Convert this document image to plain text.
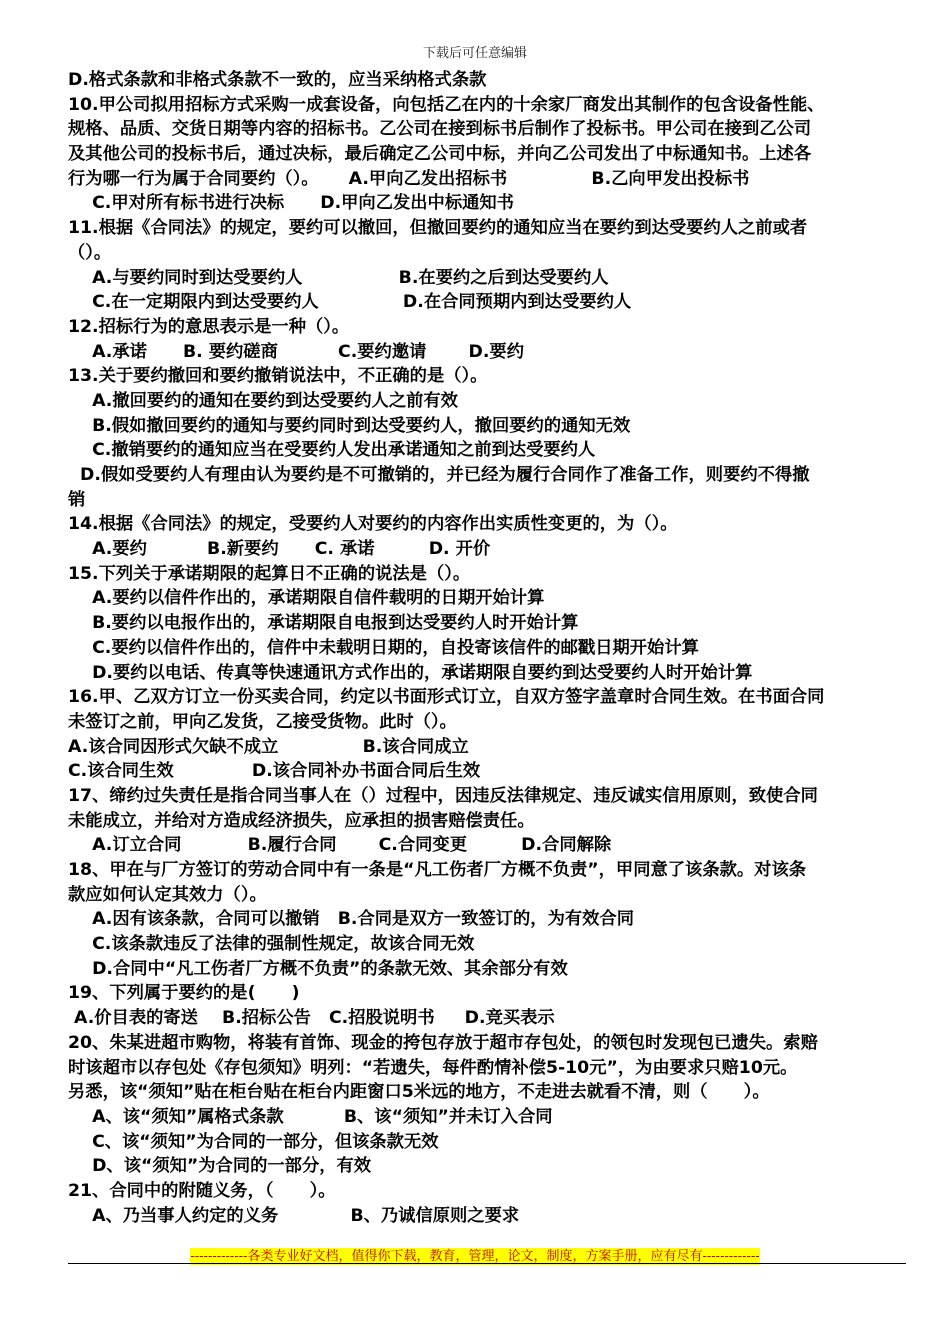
下载后可任意编辑
D.格式条款和非格式条款不一致的，应当采纳格式条款
10.甲公司拟用招标方式采购一成套设备，向包括乙在内的十余家厂商发出其制作的包含设备性能、
规格、品质、交货日期等内容的招标书。乙公司在接到标书后制作了投标书。甲公司在接到乙公司
及其他公司的投标书后，通过决标，最后确定乙公司中标，并向乙公司发出了中标通知书。上述各
行为哪一行为属于合同要约（）。     A.甲向乙发出招标书              B.乙向甲发出投标书
C.甲对所有标书进行决标      D.甲向乙发出中标通知书
11.根据《合同法》的规定，要约可以撤回，但撤回要约的通知应当在要约到达受要约人之前或者
（）。
A.与要约同时到达受要约人                B.在要约之后到达受要约人
C.在一定期限内到达受要约人              D.在合同预期内到达受要约人
12.招标行为的意思表示是一种（）。
A.承诺      B. 要约磋商          C.要约邀请       D.要约
13.关于要约撤回和要约撤销说法中，不正确的是（）。
A.撤回要约的通知在要约到达受要约人之前有效
B.假如撤回要约的通知与要约同时到达受要约人，撤回要约的通知无效
C.撤销要约的通知应当在受要约人发出承诺通知之前到达受要约人
D.假如受要约人有理由认为要约是不可撤销的，并已经为履行合同作了准备工作，则要约不得撤
销
14.根据《合同法》的规定，受要约人对要约的内容作出实质性变更的，为（）。
A.要约          B.新要约      C. 承诺         D. 开价
15.下列关于承诺期限的起算日不正确的说法是（）。
A.要约以信件作出的，承诺期限自信件载明的日期开始计算
B.要约以电报作出的，承诺期限自电报到达受要约人时开始计算
C.要约以信件作出的，信件中未载明日期的，自投寄该信件的邮戳日期开始计算
D.要约以电话、传真等快速通讯方式作出的，承诺期限自要约到达受要约人时开始计算
16.甲、乙双方订立一份买卖合同，约定以书面形式订立，自双方签字盖章时合同生效。在书面合同
未签订之前，甲向乙发货，乙接受货物。此时（）。
A.该合同因形式欠缺不成立              B.该合同成立
C.该合同生效             D.该合同补办书面合同后生效
17、缔约过失责任是指合同当事人在（）过程中，因违反法律规定、违反诚实信用原则，致使合同
未能成立，并给对方造成经济损失，应承担的损害赔偿责任。
A.订立合同           B.履行合同       C.合同变更         D.合同解除
18、甲在与厂方签订的劳动合同中有一条是“凡工伤者厂方概不负责”，甲同意了该条款。对该条
款应如何认定其效力（）。
A.因有该条款，合同可以撤销   B.合同是双方一致签订的，为有效合同
C.该条款违反了法律的强制性规定，故该合同无效
D.合同中“凡工伤者厂方概不负责”的条款无效、其余部分有效
19、下列属于要约的是(      )
A.价目表的寄送    B.招标公告   C.招股说明书     D.竞买表示
20、朱某进超市购物，将装有首饰、现金的挎包存放于超市存包处，的领包时发现包已遗失。索赔
时该超市以存包处《存包须知》明列：“若遗失，每件酌情补偿5-10元”，为由要求只赔10元。
另悉，该“须知”贴在柜台贴在柜台内距窗口5米远的地方，不走进去就看不清，则（      ）。
A、该“须知”属格式条款          B、该“须知”并未订入合同
C、该“须知”为合同的一部分，但该条款无效
D、该“须知”为合同的一部分，有效
21、合同中的附随义务，（      ）。
A、乃当事人约定的义务            B、乃诚信原则之要求
-------------各类专业好文档，值得你下载，教育，管理，论文，制度，方案手册，应有尽有-------------
